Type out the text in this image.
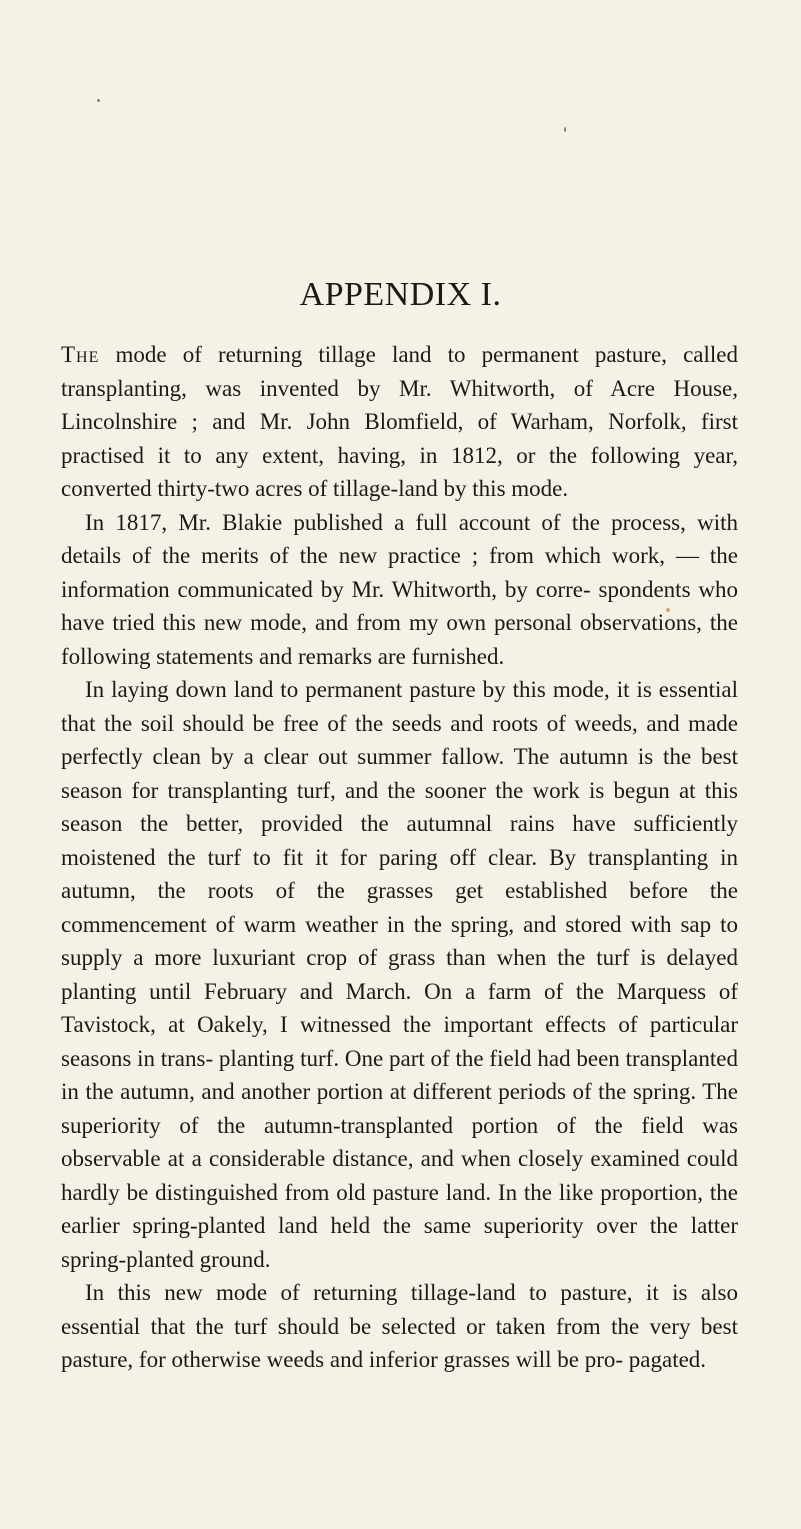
APPENDIX I.

The mode of returning tillage land to permanent pasture, called transplanting, was invented by Mr. Whitworth, of Acre House, Lincolnshire ; and Mr. John Blomfield, of Warham, Norfolk, first practised it to any extent, having, in 1812, or the following year, converted thirty-two acres of tillage-land by this mode.

In 1817, Mr. Blakie published a full account of the process, with details of the merits of the new practice ; from which work, — the information communicated by Mr. Whitworth, by corre- spondents who have tried this new mode, and from my own personal observations, the following statements and remarks are furnished.

In laying down land to permanent pasture by this mode, it is essential that the soil should be free of the seeds and roots of weeds, and made perfectly clean by a clear out summer fallow. The autumn is the best season for transplanting turf, and the sooner the work is begun at this season the better, provided the autumnal rains have sufficiently moistened the turf to fit it for paring off clear. By transplanting in autumn, the roots of the grasses get established before the commencement of warm weather in the spring, and stored with sap to supply a more luxuriant crop of grass than when the turf is delayed planting until February and March. On a farm of the Marquess of Tavistock, at Oakely, I witnessed the important effects of particular seasons in trans- planting turf. One part of the field had been transplanted in the autumn, and another portion at different periods of the spring. The superiority of the autumn-transplanted portion of the field was observable at a considerable distance, and when closely examined could hardly be distinguished from old pasture land. In the like proportion, the earlier spring-planted land held the same superiority over the latter spring-planted ground.

In this new mode of returning tillage-land to pasture, it is also essential that the turf should be selected or taken from the very best pasture, for otherwise weeds and inferior grasses will be pro- pagated.
